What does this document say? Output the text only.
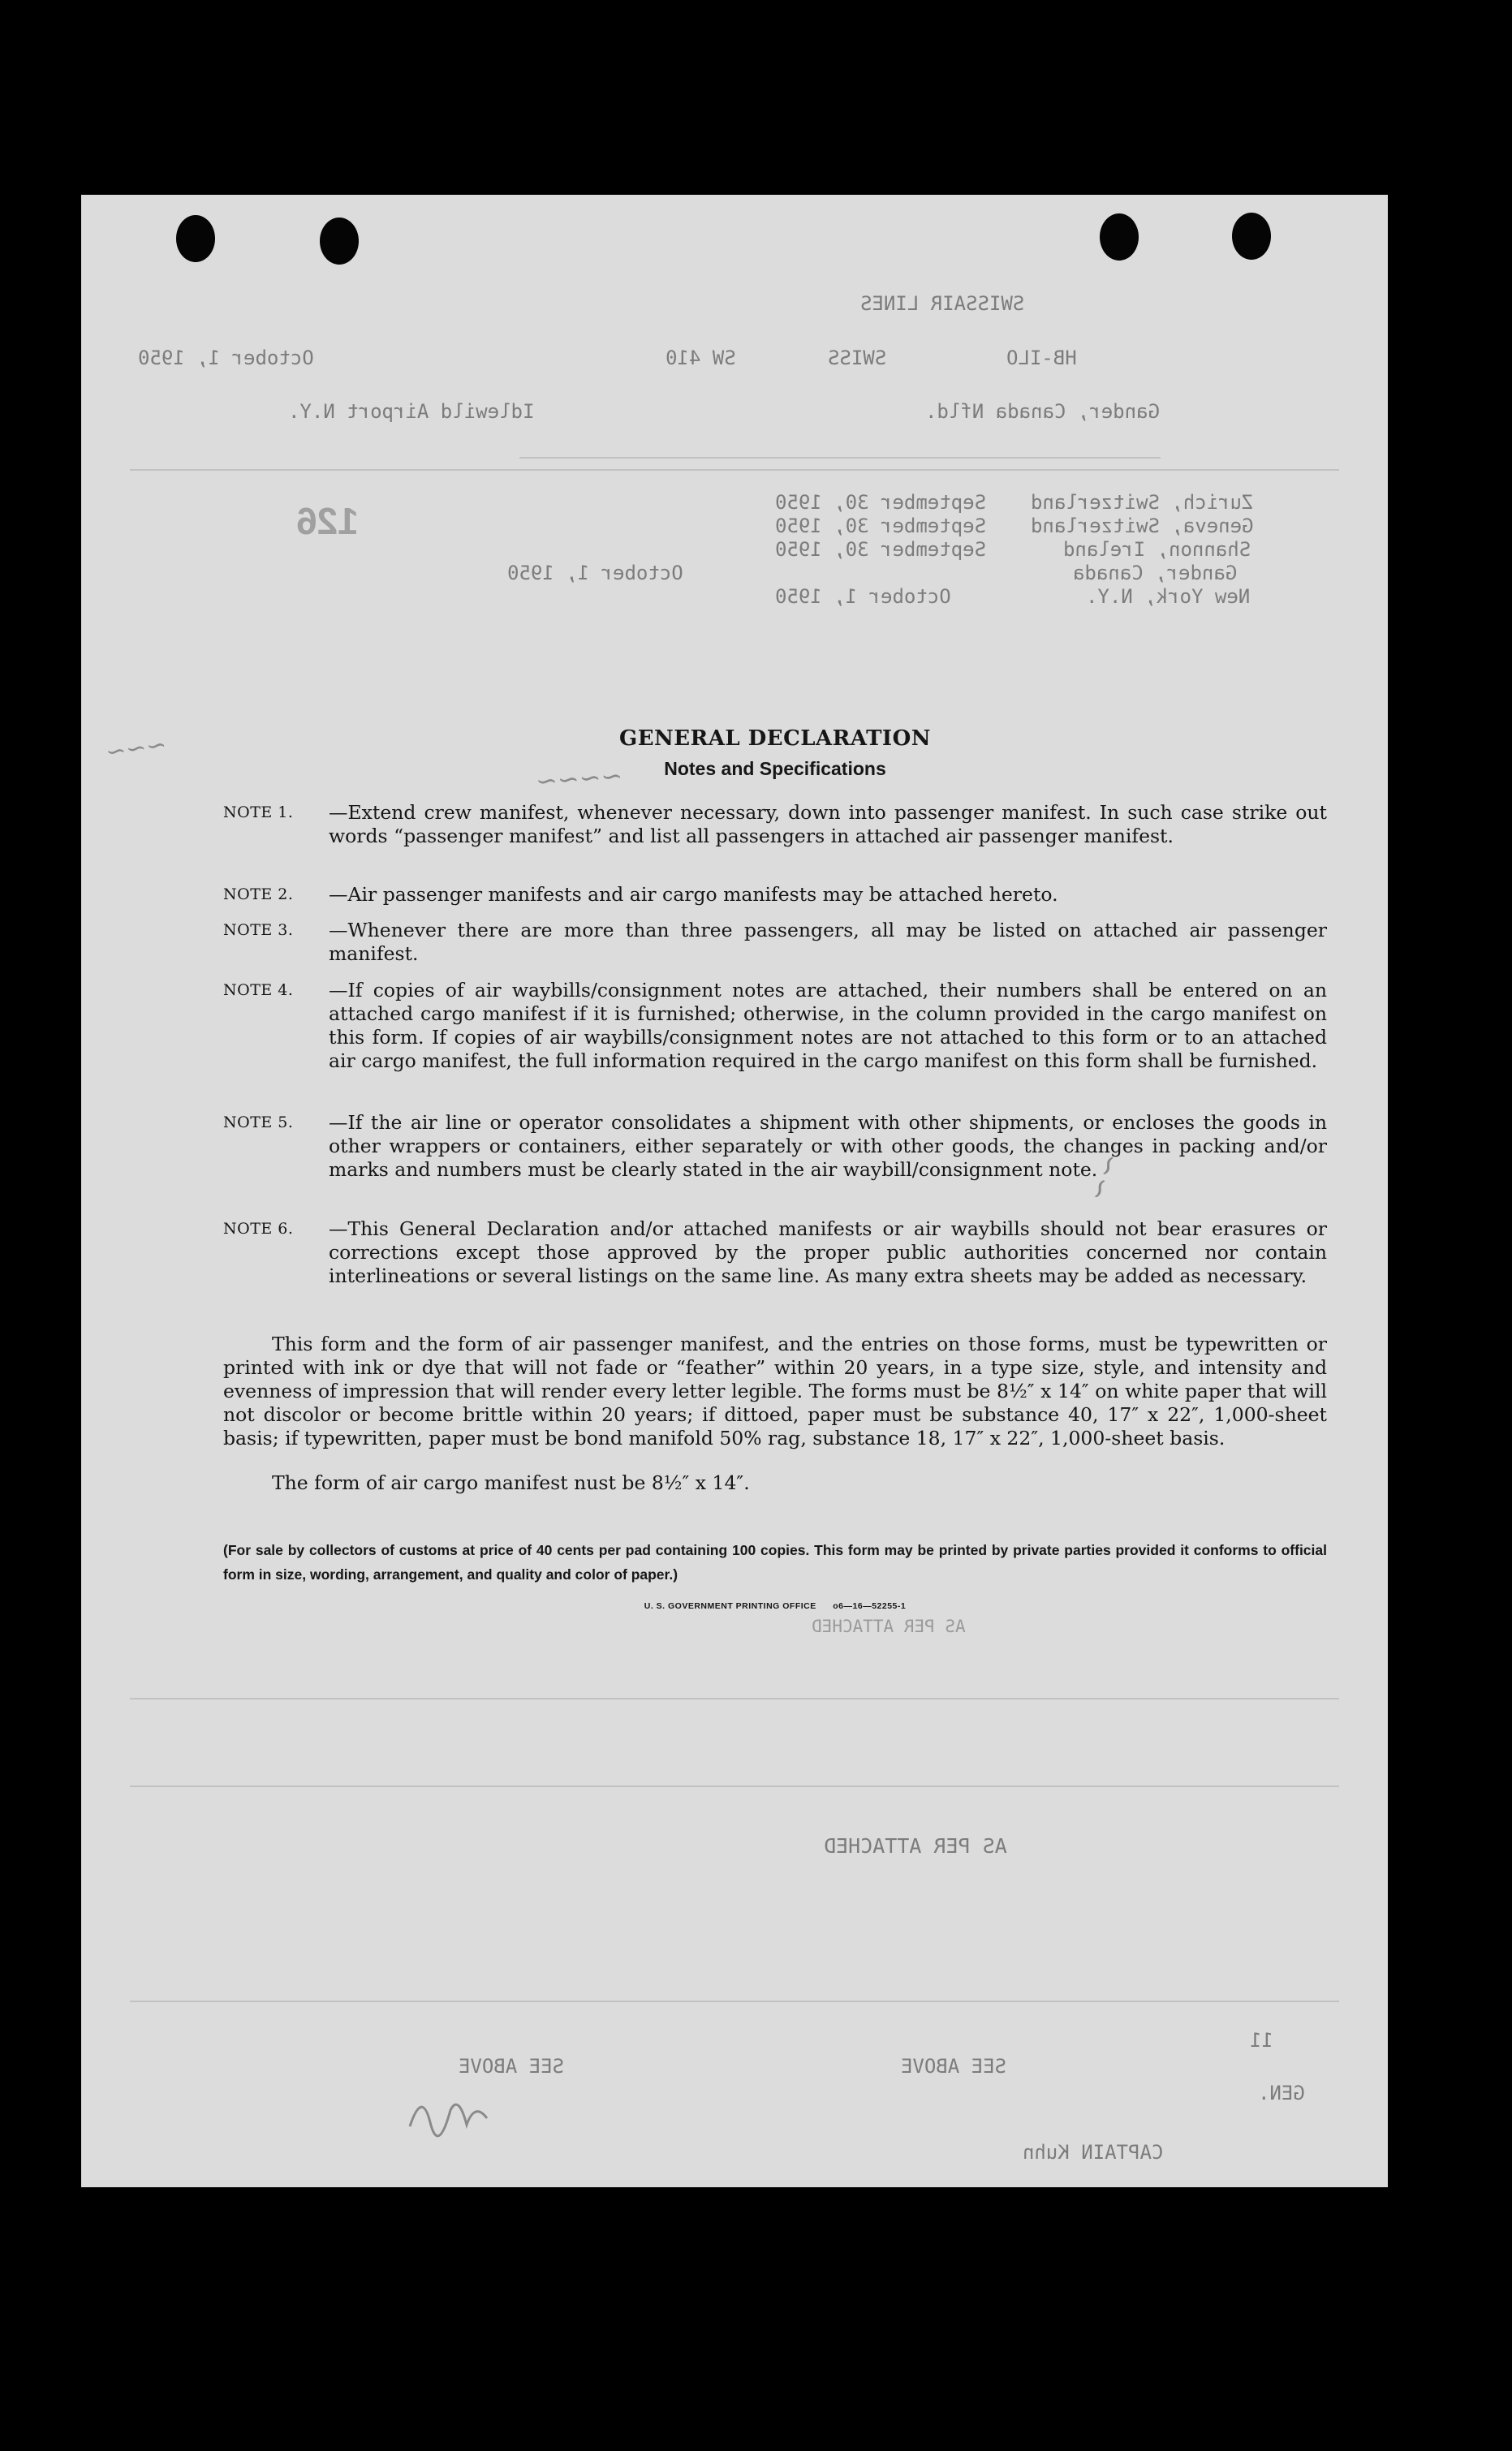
SWISSAIR LINES
HB-ILO
SWISS
SW 410
October 1, 1950
Gander, Canada Nfld.
Idlewild Airport N.Y.
Zurich, Switzerland
September 30, 1950
Geneva, Switzerland
September 30, 1950
Shannon, Ireland
September 30, 1950
Gander, Canada
October 1, 1950
New York, N.Y.
October 1, 1950
126
AS PER ATTACHED
AS PER ATTACHED
11
SEE ABOVE
SEE ABOVE
GEN.
CAPTAIN Kuhn
∽∽∽
∽∽∽∽
∽∽
GENERAL DECLARATION
Notes and Specifications
NOTE 1. —Extend crew manifest, whenever necessary, down into passenger manifest. In such case strike out words “passenger manifest” and list all passengers in attached air passenger manifest.
NOTE 2. —Air passenger manifests and air cargo manifests may be attached hereto.
NOTE 3. —Whenever there are more than three passengers, all may be listed on attached air passenger manifest.
NOTE 4. —If copies of air waybills/consignment notes are attached, their numbers shall be entered on an attached cargo manifest if it is furnished; otherwise, in the column provided in the cargo manifest on this form. If copies of air waybills/consignment notes are not attached to this form or to an attached air cargo manifest, the full information required in the cargo manifest on this form shall be furnished.
NOTE 5. —If the air line or operator consolidates a shipment with other shipments, or encloses the goods in other wrappers or containers, either separately or with other goods, the changes in packing and/or marks and numbers must be clearly stated in the air waybill/consignment note.
NOTE 6. —This General Declaration and/or attached manifests or air waybills should not bear erasures or corrections except those approved by the proper public authorities concerned nor contain interlineations or several listings on the same line. As many extra sheets may be added as necessary.
This form and the form of air passenger manifest, and the entries on those forms, must be typewritten or printed with ink or dye that will not fade or “feather” within 20 years, in a type size, style, and intensity and evenness of impression that will render every letter legible. The forms must be 8½″ x 14″ on white paper that will not discolor or become brittle within 20 years; if dittoed, paper must be substance 40, 17″ x 22″, 1,000-sheet basis; if typewritten, paper must be bond manifold 50% rag, substance 18, 17″ x 22″, 1,000-sheet basis.
The form of air cargo manifest nust be 8½″ x 14″.
(For sale by collectors of customs at price of 40 cents per pad containing 100 copies. This form may be printed by private parties provided it conforms to official form in size, wording, arrangement, and quality and color of paper.)
U. S. GOVERNMENT PRINTING OFFICE      o6—16—52255-1
